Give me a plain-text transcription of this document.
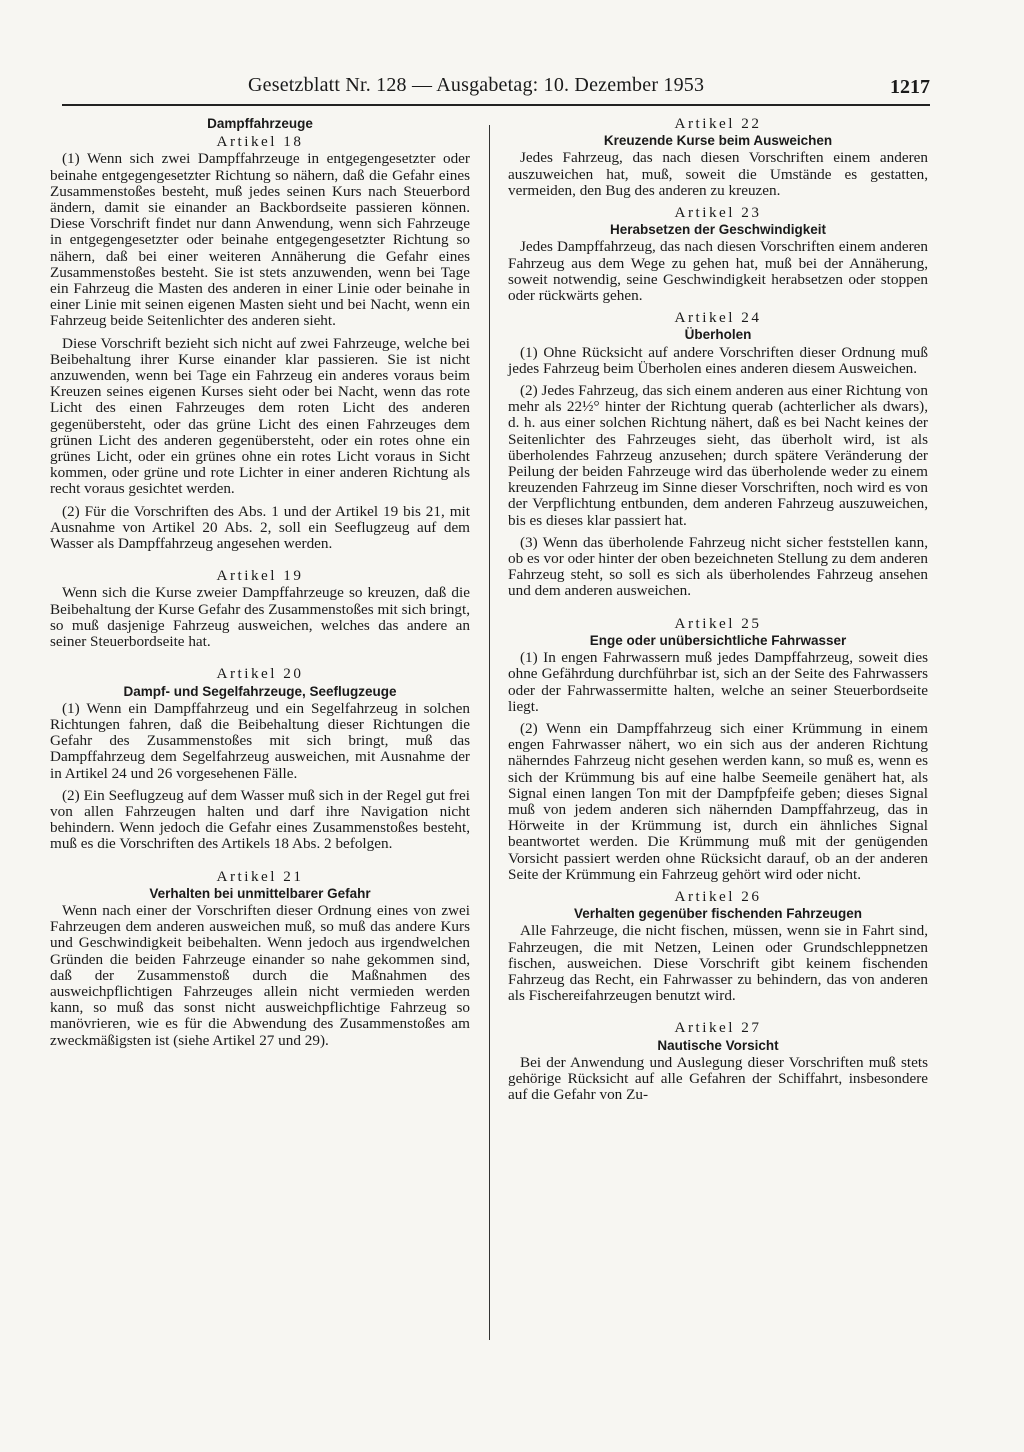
Gesetzblatt Nr. 128 — Ausgabetag: 10. Dezember 1953	1217
Dampffahrzeuge
Artikel 18

(1) Wenn sich zwei Dampffahrzeuge in entgegengesetzter oder beinahe entgegengesetzter Richtung so nähern, daß die Gefahr eines Zusammenstoßes besteht, muß jedes seinen Kurs nach Steuerbord ändern, damit sie einander an Backbordseite passieren können. Diese Vorschrift findet nur dann Anwendung, wenn sich Fahrzeuge in entgegengesetzter oder beinahe entgegengesetzter Richtung so nähern, daß bei einer weiteren Annäherung die Gefahr eines Zusammenstoßes besteht. Sie ist stets anzuwenden, wenn bei Tage ein Fahrzeug die Masten des anderen in einer Linie oder beinahe in einer Linie mit seinen eigenen Masten sieht und bei Nacht, wenn ein Fahrzeug beide Seitenlichter des anderen sieht.

Diese Vorschrift bezieht sich nicht auf zwei Fahrzeuge, welche bei Beibehaltung ihrer Kurse einander klar passieren. Sie ist nicht anzuwenden, wenn bei Tage ein Fahrzeug ein anderes voraus beim Kreuzen seines eigenen Kurses sieht oder bei Nacht, wenn das rote Licht des einen Fahrzeuges dem roten Licht des anderen gegenübersteht, oder das grüne Licht des einen Fahrzeuges dem grünen Licht des anderen gegenübersteht, oder ein rotes ohne ein grünes Licht, oder ein grünes ohne ein rotes Licht voraus in Sicht kommen, oder grüne und rote Lichter in einer anderen Richtung als recht voraus gesichtet werden.

(2) Für die Vorschriften des Abs. 1 und der Artikel 19 bis 21, mit Ausnahme von Artikel 20 Abs. 2, soll ein Seeflugzeug auf dem Wasser als Dampffahrzeug angesehen werden.

Artikel 19

Wenn sich die Kurse zweier Dampffahrzeuge so kreuzen, daß die Beibehaltung der Kurse Gefahr des Zusammenstoßes mit sich bringt, so muß dasjenige Fahrzeug ausweichen, welches das andere an seiner Steuerbordseite hat.

Artikel 20
Dampf- und Segelfahrzeuge, Seeflugzeuge

(1) Wenn ein Dampffahrzeug und ein Segelfahrzeug in solchen Richtungen fahren, daß die Beibehaltung dieser Richtungen die Gefahr des Zusammenstoßes mit sich bringt, muß das Dampffahrzeug dem Segelfahrzeug ausweichen, mit Ausnahme der in Artikel 24 und 26 vorgesehenen Fälle.

(2) Ein Seeflugzeug auf dem Wasser muß sich in der Regel gut frei von allen Fahrzeugen halten und darf ihre Navigation nicht behindern. Wenn jedoch die Gefahr eines Zusammenstoßes besteht, muß es die Vorschriften des Artikels 18 Abs. 2 befolgen.

Artikel 21
Verhalten bei unmittelbarer Gefahr

Wenn nach einer der Vorschriften dieser Ordnung eines von zwei Fahrzeugen dem anderen ausweichen muß, so muß das andere Kurs und Geschwindigkeit beibehalten. Wenn jedoch aus irgendwelchen Gründen die beiden Fahrzeuge einander so nahe gekommen sind, daß der Zusammenstoß durch die Maßnahmen des ausweichpflichtigen Fahrzeuges allein nicht vermieden werden kann, so muß das sonst nicht ausweichpflichtige Fahrzeug so manövrieren, wie es für die Abwendung des Zusammenstoßes am zweckmäßigsten ist (siehe Artikel 27 und 29).

Artikel 22
Kreuzende Kurse beim Ausweichen

Jedes Fahrzeug, das nach diesen Vorschriften einem anderen auszuweichen hat, muß, soweit die Umstände es gestatten, vermeiden, den Bug des anderen zu kreuzen.

Artikel 23
Herabsetzen der Geschwindigkeit

Jedes Dampffahrzeug, das nach diesen Vorschriften einem anderen Fahrzeug aus dem Wege zu gehen hat, muß bei der Annäherung, soweit notwendig, seine Geschwindigkeit herabsetzen oder stoppen oder rückwärts gehen.

Artikel 24
Überholen

(1) Ohne Rücksicht auf andere Vorschriften dieser Ordnung muß jedes Fahrzeug beim Überholen eines anderen diesem Ausweichen.

(2) Jedes Fahrzeug, das sich einem anderen aus einer Richtung von mehr als 22½° hinter der Richtung querab (achterlicher als dwars), d. h. aus einer solchen Richtung nähert, daß es bei Nacht keines der Seitenlichter des Fahrzeuges sieht, das überholt wird, ist als überholendes Fahrzeug anzusehen; durch spätere Veränderung der Peilung der beiden Fahrzeuge wird das überholende weder zu einem kreuzenden Fahrzeug im Sinne dieser Vorschriften, noch wird es von der Verpflichtung entbunden, dem anderen Fahrzeug auszuweichen, bis es dieses klar passiert hat.

(3) Wenn das überholende Fahrzeug nicht sicher feststellen kann, ob es vor oder hinter der oben bezeichneten Stellung zu dem anderen Fahrzeug steht, so soll es sich als überholendes Fahrzeug ansehen und dem anderen ausweichen.

Artikel 25
Enge oder unübersichtliche Fahrwasser

(1) In engen Fahrwassern muß jedes Dampffahrzeug, soweit dies ohne Gefährdung durchführbar ist, sich an der Seite des Fahrwassers oder der Fahrwassermitte halten, welche an seiner Steuerbordseite liegt.

(2) Wenn ein Dampffahrzeug sich einer Krümmung in einem engen Fahrwasser nähert, wo ein sich aus der anderen Richtung näherndes Fahrzeug nicht gesehen werden kann, so muß es, wenn es sich der Krümmung bis auf eine halbe Seemeile genähert hat, als Signal einen langen Ton mit der Dampfpfeife geben; dieses Signal muß von jedem anderen sich nähernden Dampffahrzeug, das in Hörweite in der Krümmung ist, durch ein ähnliches Signal beantwortet werden. Die Krümmung muß mit der genügenden Vorsicht passiert werden ohne Rücksicht darauf, ob an der anderen Seite der Krümmung ein Fahrzeug gehört wird oder nicht.

Artikel 26
Verhalten gegenüber fischenden Fahrzeugen

Alle Fahrzeuge, die nicht fischen, müssen, wenn sie in Fahrt sind, Fahrzeugen, die mit Netzen, Leinen oder Grundschleppnetzen fischen, ausweichen. Diese Vorschrift gibt keinem fischenden Fahrzeug das Recht, ein Fahrwasser zu behindern, das von anderen als Fischereifahrzeugen benutzt wird.

Artikel 27
Nautische Vorsicht

Bei der Anwendung und Auslegung dieser Vorschriften muß stets gehörige Rücksicht auf alle Gefahren der Schiffahrt, insbesondere auf die Gefahr von Zu-
